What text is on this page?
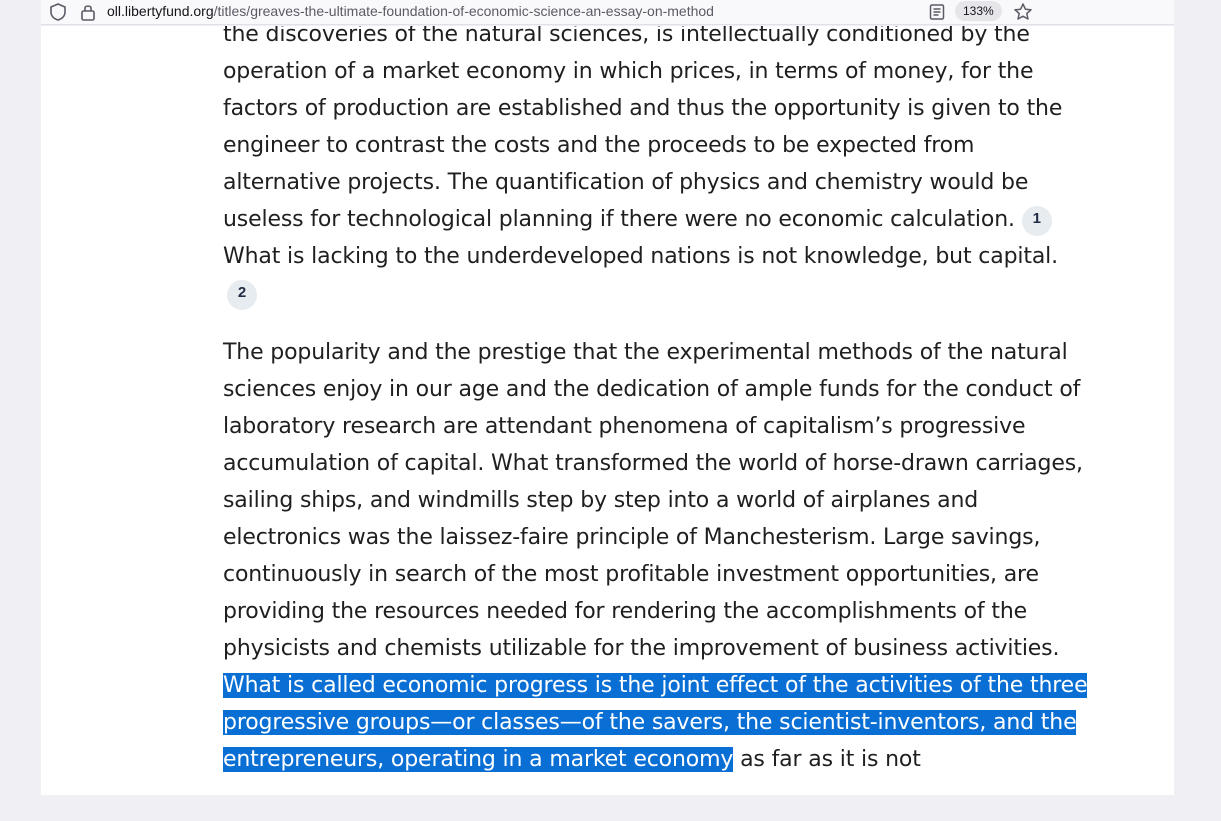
oll.libertyfund.org/titles/greaves-the-ultimate-foundation-of-economic-science-an-essay-on-method	133%

the discoveries of the natural sciences, is intellectually conditioned by the operation of a market economy in which prices, in terms of money, for the factors of production are established and thus the opportunity is given to the engineer to contrast the costs and the proceeds to be expected from alternative projects. The quantification of physics and chemistry would be useless for technological planning if there were no economic calculation. 1What is lacking to the underdeveloped nations is not knowledge, but capital. 2

The popularity and the prestige that the experimental methods of the natural sciences enjoy in our age and the dedication of ample funds for the conduct of laboratory research are attendant phenomena of capitalism’s progressive accumulation of capital. What transformed the world of horse-drawn carriages, sailing ships, and windmills step by step into a world of airplanes and electronics was the laissez-faire principle of Manchesterism. Large savings, continuously in search of the most profitable investment opportunities, are providing the resources needed for rendering the accomplishments of the physicists and chemists utilizable for the improvement of business activities. What is called economic progress is the joint effect of the activities of the three progressive groups—or classes—of the savers, the scientist-inventors, and the entrepreneurs, operating in a market economy as far as it is not
